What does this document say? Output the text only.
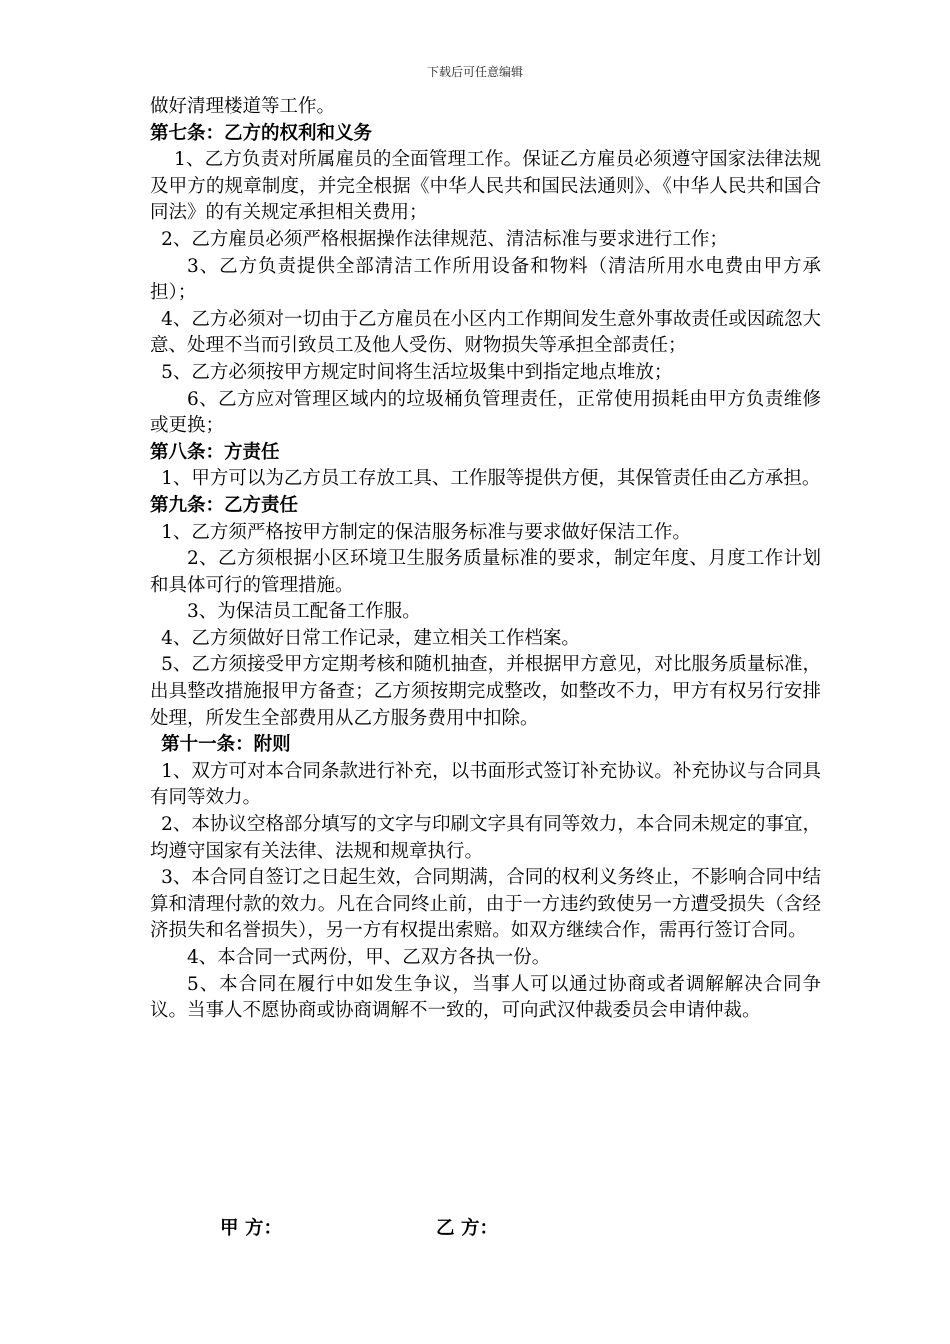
下载后可任意编辑

做好清理楼道等工作。

第七条：乙方的权利和义务

1、乙方负责对所属雇员的全面管理工作。保证乙方雇员必须遵守国家法律法规及甲方的规章制度，并完全根据《中华人民共和国民法通则》、《中华人民共和国合同法》的有关规定承担相关费用；

2、乙方雇员必须严格根据操作法律规范、清洁标准与要求进行工作；

3、乙方负责提供全部清洁工作所用设备和物料（清洁所用水电费由甲方承担）；

4、乙方必须对一切由于乙方雇员在小区内工作期间发生意外事故责任或因疏忽大意、处理不当而引致员工及他人受伤、财物损失等承担全部责任；

5、乙方必须按甲方规定时间将生活垃圾集中到指定地点堆放；

6、乙方应对管理区域内的垃圾桶负管理责任，正常使用损耗由甲方负责维修或更换；

第八条：方责任

1、甲方可以为乙方员工存放工具、工作服等提供方便，其保管责任由乙方承担。

第九条：乙方责任

1、乙方须严格按甲方制定的保洁服务标准与要求做好保洁工作。

2、乙方须根据小区环境卫生服务质量标准的要求，制定年度、月度工作计划和具体可行的管理措施。

3、为保洁员工配备工作服。

4、乙方须做好日常工作记录，建立相关工作档案。

5、乙方须接受甲方定期考核和随机抽查，并根据甲方意见，对比服务质量标准，出具整改措施报甲方备查；乙方须按期完成整改，如整改不力，甲方有权另行安排处理，所发生全部费用从乙方服务费用中扣除。

第十一条：附则

1、双方可对本合同条款进行补充，以书面形式签订补充协议。补充协议与合同具有同等效力。

2、本协议空格部分填写的文字与印刷文字具有同等效力，本合同未规定的事宜，均遵守国家有关法律、法规和规章执行。

3、本合同自签订之日起生效，合同期满，合同的权利义务终止，不影响合同中结算和清理付款的效力。凡在合同终止前，由于一方违约致使另一方遭受损失（含经济损失和名誉损失），另一方有权提出索赔。如双方继续合作，需再行签订合同。

4、本合同一式两份，甲、乙双方各执一份。

5、本合同在履行中如发生争议，当事人可以通过协商或者调解解决合同争议。当事人不愿协商或协商调解不一致的，可向武汉仲裁委员会申请仲裁。

甲 方：	乙 方：
